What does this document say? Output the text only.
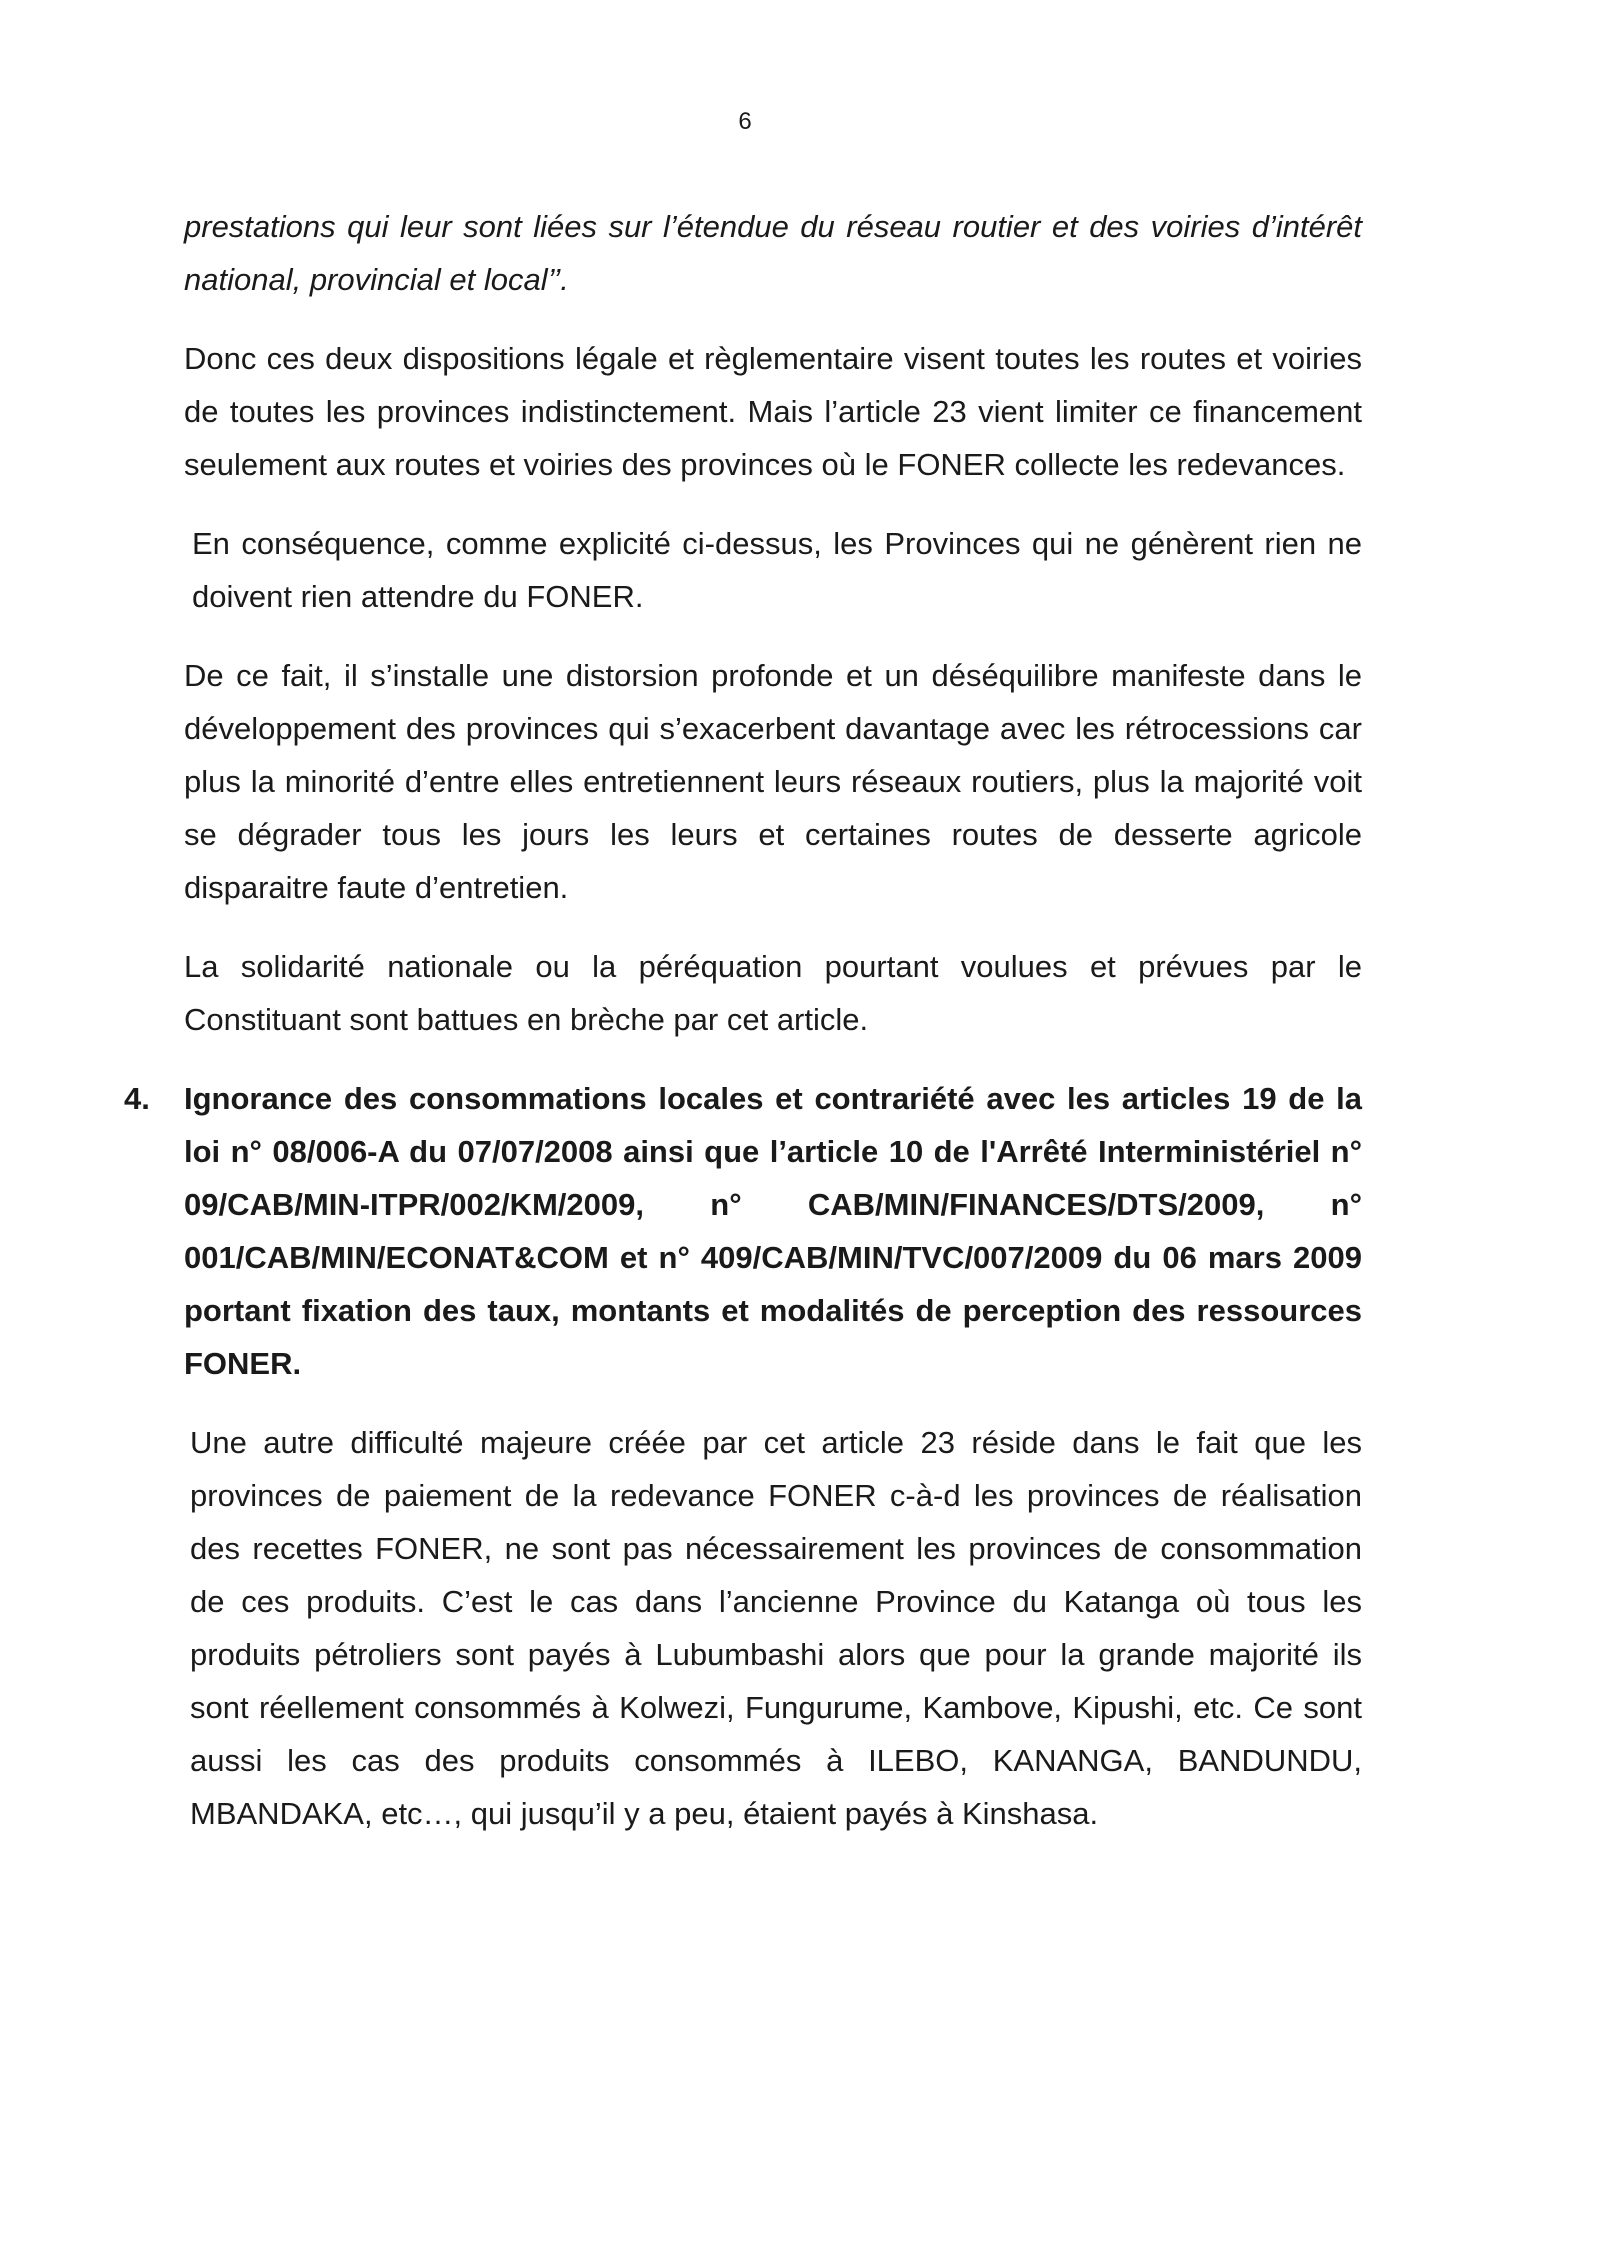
6

prestations qui leur sont liées sur l’étendue du réseau routier et des voiries d’intérêt national, provincial et local’’.

Donc ces deux dispositions légale et règlementaire visent toutes les routes et voiries de toutes les provinces indistinctement. Mais l’article 23 vient limiter ce financement seulement aux routes et voiries des provinces où le FONER collecte les redevances.

En conséquence, comme explicité ci-dessus, les Provinces qui ne génèrent rien ne doivent rien attendre du FONER.

De ce fait, il s’installe une distorsion profonde et un déséquilibre manifeste dans le développement des provinces qui s’exacerbent davantage avec les rétrocessions car plus la minorité d’entre elles entretiennent leurs réseaux routiers, plus la majorité voit se dégrader tous les jours les leurs et certaines routes de desserte agricole disparaitre faute d’entretien.

La solidarité nationale ou la péréquation pourtant voulues et prévues par le Constituant sont battues en brèche par cet article.

4.	Ignorance des consommations locales et contrariété avec les articles 19 de la loi n° 08/006-A du 07/07/2008 ainsi que l’article 10 de l'Arrêté Interministériel n° 09/CAB/MIN-ITPR/002/KM/2009, n° CAB/MIN/FINANCES/DTS/2009, n° 001/CAB/MIN/ECONAT&COM et n° 409/CAB/MIN/TVC/007/2009 du 06 mars 2009 portant fixation des taux, montants et modalités de perception des ressources FONER.

Une autre difficulté majeure créée par cet article 23 réside dans le fait que les provinces de paiement de la redevance FONER c-à-d les provinces de réalisation des recettes FONER, ne sont pas nécessairement les provinces de consommation de ces produits. C’est le cas dans l’ancienne Province du Katanga où tous les produits pétroliers sont payés à Lubumbashi alors que pour la grande majorité ils sont réellement consommés à Kolwezi, Fungurume, Kambove, Kipushi, etc. Ce sont aussi les cas des produits consommés à ILEBO, KANANGA, BANDUNDU, MBANDAKA, etc…, qui jusqu’il y a peu, étaient payés à Kinshasa.
